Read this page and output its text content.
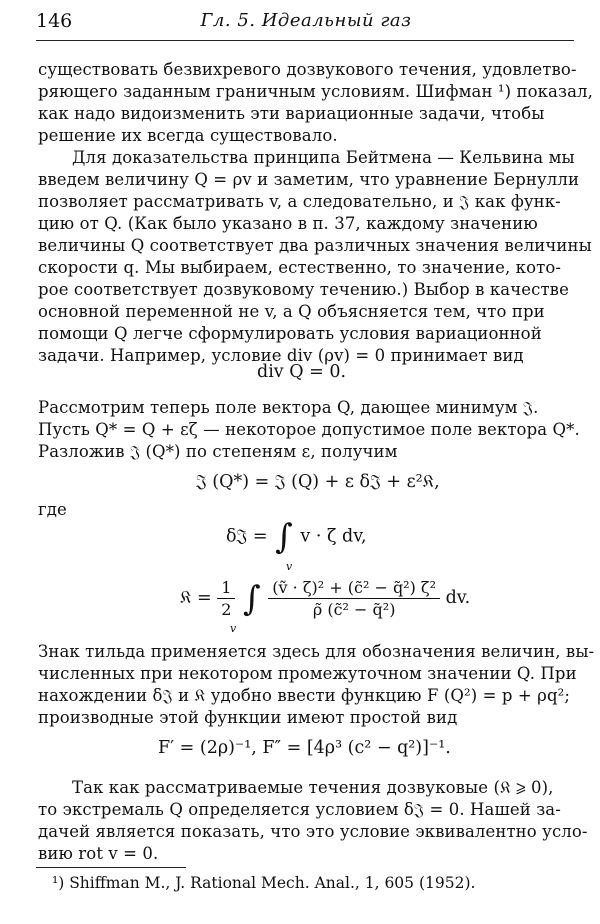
146	Гл. 5. Идеальный газ
существовать безвихревого дозвукового течения, удовлетво-
ряющего заданным граничным условиям. Шифман ¹) показал,
как надо видоизменить эти вариационные задачи, чтобы
решение их всегда существовало.
Для доказательства принципа Бейтмена — Кельвина мы
введем величину Q = ρv и заметим, что уравнение Бернулли
позволяет рассматривать v, а следовательно, и 𝔍 как функ-
цию от Q. (Как было указано в п. 37, каждому значению
величины Q соответствует два различных значения величины
скорости q. Мы выбираем, естественно, то значение, кото-
рое соответствует дозвуковому течению.) Выбор в качестве
основной переменной не v, а Q объясняется тем, что при
помощи Q легче сформулировать условия вариационной
задачи. Например, условие div (ρv) = 0 принимает вид
div Q = 0.
Рассмотрим теперь поле вектора Q, дающее минимум 𝔍.
Пусть Q* = Q + εζ — некоторое допустимое поле вектора Q*.
Разложив 𝔍 (Q*) по степеням ε, получим
𝔍 (Q*) = 𝔍 (Q) + ε δ𝔍 + ε²𝔎,
где
δ𝔍 = ∫ v · ζ dv,
v
𝔎 = $\frac{1}{2}$ ∫ $\frac{\text{(ṽ · ζ)² + (c̃² − q̃²) ζ²}}{\text{ρ̃ (c̃² − q̃²)}}$ dv.
v
Знак тильда применяется здесь для обозначения величин, вы-
численных при некотором промежуточном значении Q. При
нахождении δ𝔍 и 𝔎 удобно ввести функцию F (Q²) = p + ρq²;
производные этой функции имеют простой вид
F′ = (2ρ)⁻¹, F″ = [4ρ³ (c² − q²)]⁻¹.
Так как рассматриваемые течения дозвуковые (𝔎 ⩾ 0),
то экстремаль Q определяется условием δ𝔍 = 0. Нашей за-
дачей является показать, что это условие эквивалентно усло-
вию rot v = 0.
¹) Shiffman M., J. Rational Mech. Anal., 1, 605 (1952).
